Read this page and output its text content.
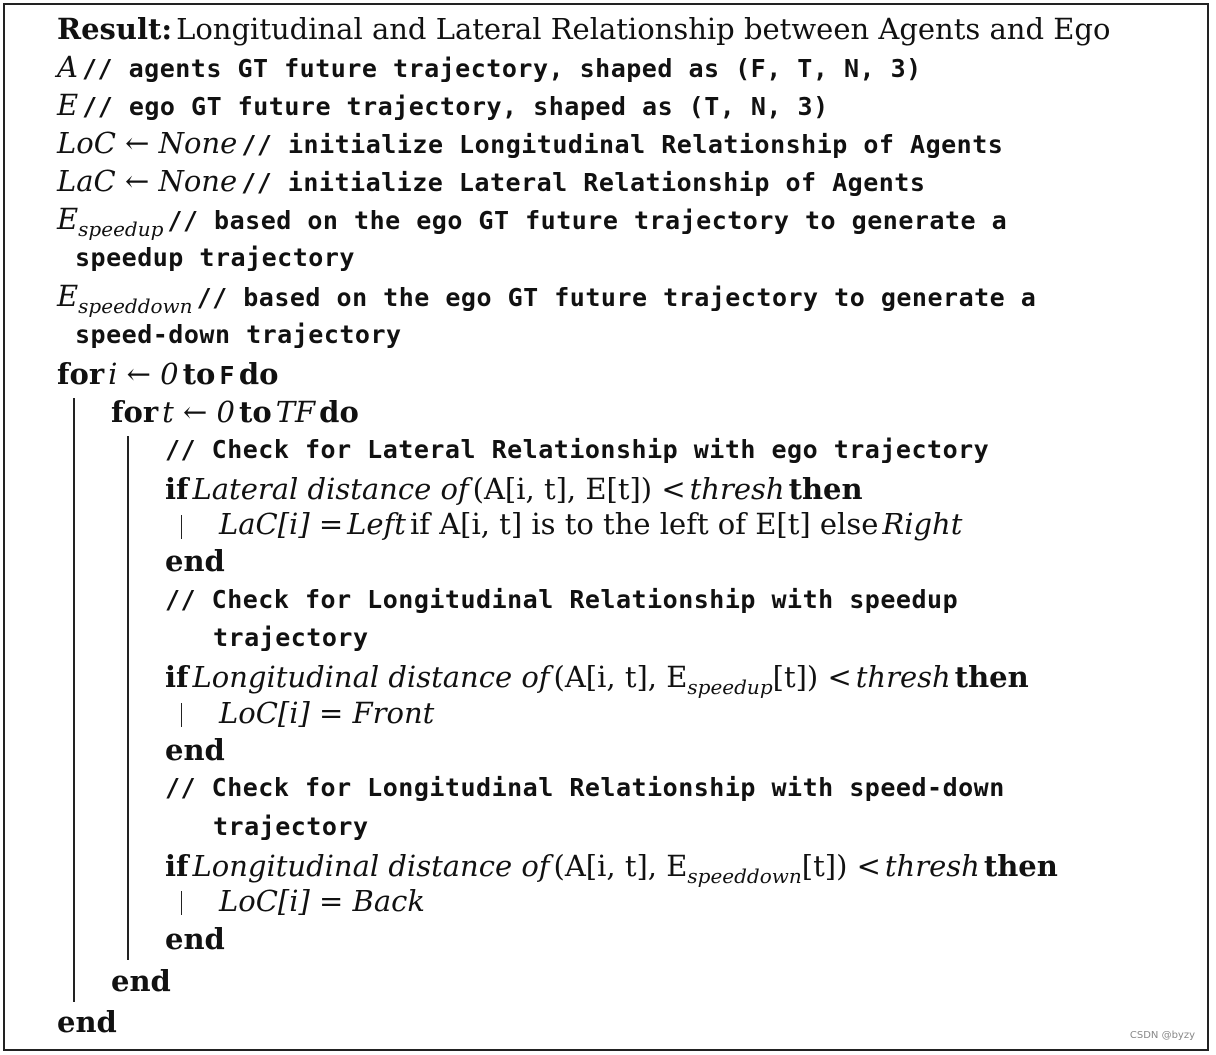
Result: Longitudinal and Lateral Relationship between Agents and Ego
A // agents GT future trajectory, shaped as (F, T, N, 3)
E // ego GT future trajectory, shaped as (T, N, 3)
LoC ← None // initialize Longitudinal Relationship of Agents
LaC ← None // initialize Lateral Relationship of Agents
Espeedup // based on the ego GT future trajectory to generate a
speedup trajectory
Espeeddown // based on the ego GT future trajectory to generate a
speed-down trajectory
for i ← 0 to F do
for t ← 0 to TF do
// Check for Lateral Relationship with ego trajectory
if Lateral distance of (A[i, t], E[t]) < thresh then
LaC[i] = Left if A[i, t] is to the left of E[t] else Right
end
// Check for Longitudinal Relationship with speedup
trajectory
if Longitudinal distance of (A[i, t], Espeedup[t]) < thresh then
LoC[i] = Front
end
// Check for Longitudinal Relationship with speed-down
trajectory
if Longitudinal distance of (A[i, t], Espeeddown[t]) < thresh then
LoC[i] = Back
end
end
end	CSDN @byzy
